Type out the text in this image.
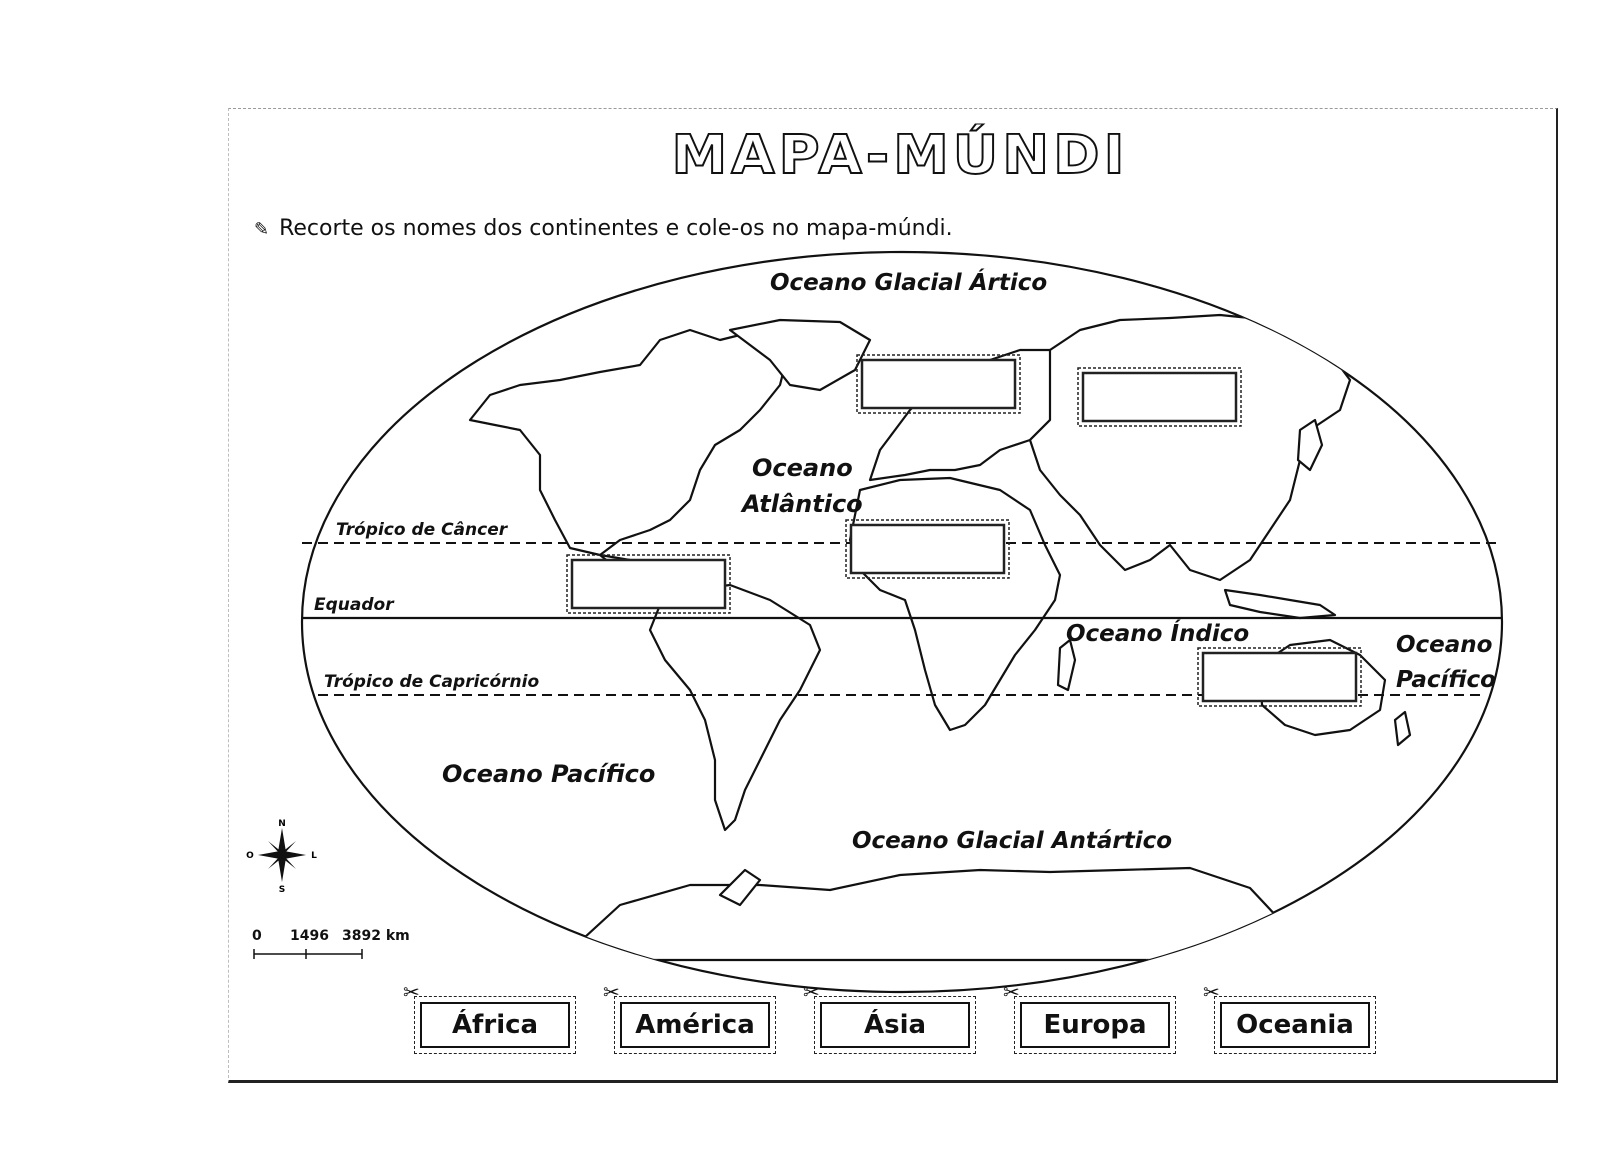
MAPA-MÚNDI
✎ Recorte os nomes dos continentes e cole-os no mapa-múndi.
Oceano Glacial Ártico
Oceano
Atlântico
Oceano Índico	Oceano
Pacífico
Oceano Pacífico
Oceano Glacial Antártico
Trópico de Câncer
Equador
Trópico de Capricórnio
N
S
O	L
0 1496 3892 km
✂
África
✂
América
✂
Ásia
✂
Europa
✂
Oceania
